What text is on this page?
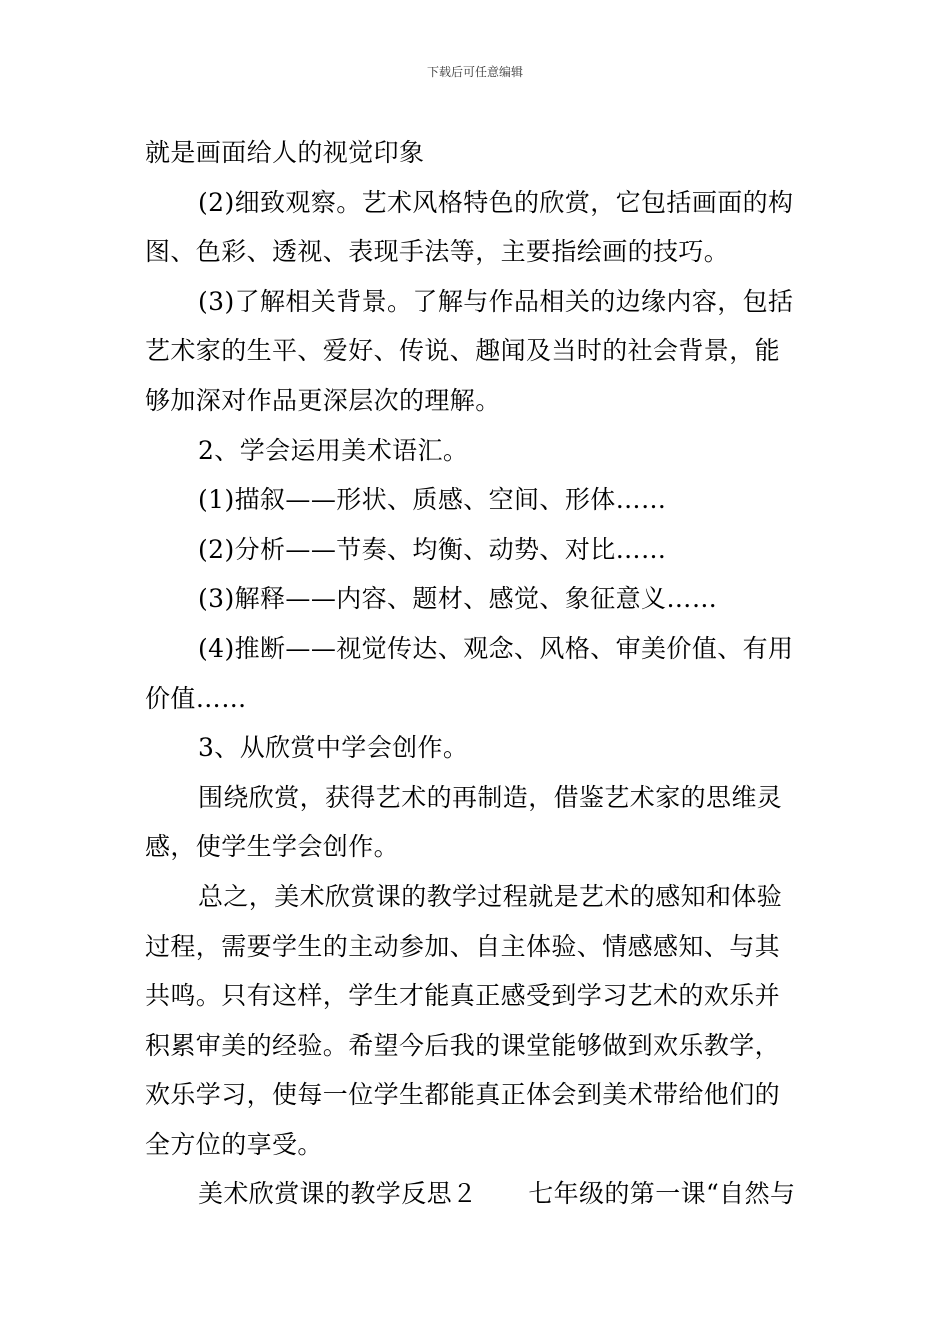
下载后可任意编辑
就是画面给人的视觉印象
(2)细致观察。艺术风格特色的欣赏，它包括画面的构
图、色彩、透视、表现手法等，主要指绘画的技巧。
(3)了解相关背景。了解与作品相关的边缘内容，包括
艺术家的生平、爱好、传说、趣闻及当时的社会背景，能
够加深对作品更深层次的理解。
2、学会运用美术语汇。
(1)描叙——形状、质感、空间、形体……
(2)分析——节奏、均衡、动势、对比……
(3)解释——内容、题材、感觉、象征意义……
(4)推断——视觉传达、观念、风格、审美价值、有用
价值……
3、从欣赏中学会创作。
围绕欣赏，获得艺术的再制造，借鉴艺术家的思维灵
感，使学生学会创作。
总之，美术欣赏课的教学过程就是艺术的感知和体验
过程，需要学生的主动参加、自主体验、情感感知、与其
共鸣。只有这样，学生才能真正感受到学习艺术的欢乐并
积累审美的经验。希望今后我的课堂能够做到欢乐教学，
欢乐学习，使每一位学生都能真正体会到美术带给他们的
全方位的享受。
美术欣赏课的教学反思２　　七年级的第一课“自然与
